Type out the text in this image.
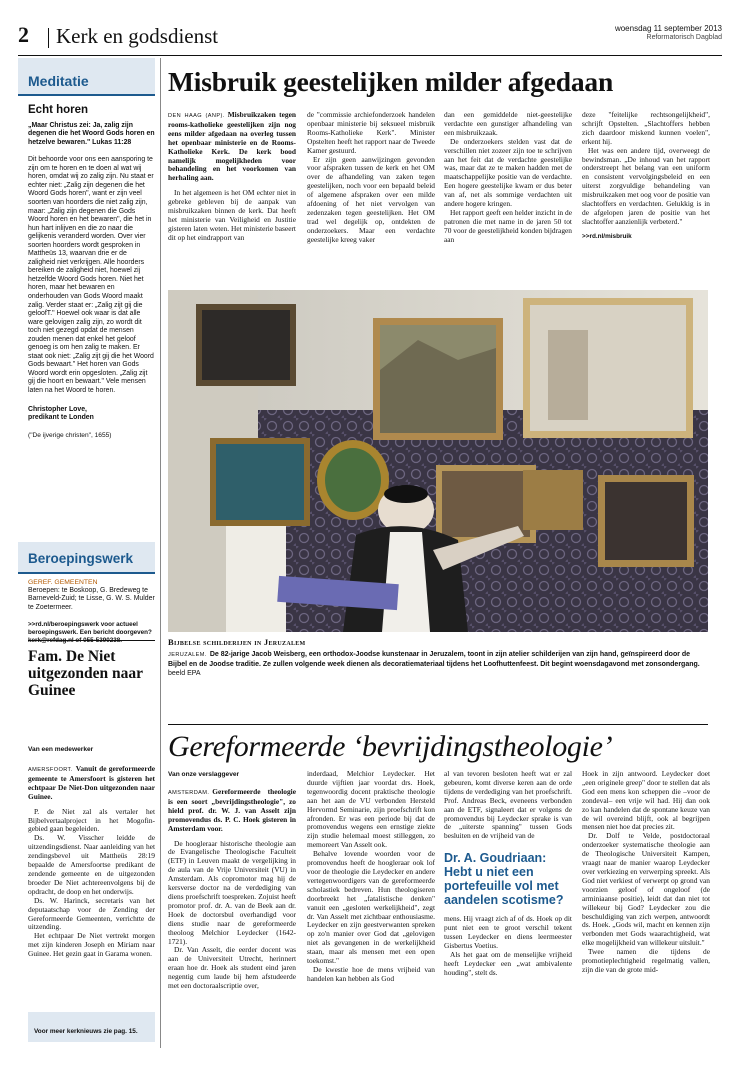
2 Kerk en godsdienst	woensdag 11 september 2013
Reformatorisch Dagblad
Meditatie
Echt horen
„Maar Christus zei: Ja, zalig zijn degenen die het Woord Gods horen en hetzelve bewaren." Lukas 11:28
Dit behoorde voor ons een aansporing te zijn om te horen en te doen al wat wij horen, omdat wij zo zalig zijn. Nu staat er echter niet: „Zalig zijn degenen die het Woord Gods horen", want er zijn veel soorten van hoorders die niet zalig zijn, maar: „Zalig zijn degenen die Gods Woord horen en het bewaren", die het in hun hart inlijven en die zo naar die gelijkenis veranderd worden. Over vier soorten hoorders wordt gesproken in Mattheüs 13, waarvan drie er de zaligheid niet verkrijgen. Alle hoorders bereiken de zaligheid niet, hoewel zij hetzelfde Woord Gods horen. Niet het horen, maar het bewaren en onderhouden van Gods Woord maakt zalig. Verder staat er: „Zalig zijt gij die geloofT." Hoewel ook waar is dat alle ware gelovigen zalig zijn, zo wordt dit toch niet gezegd opdat de mensen zouden menen dat enkel het geloof genoeg is om hen zalig te maken. Er staat ook niet: „Zalig zijt gij die het Woord Gods bewaart." Het horen van Gods Woord wordt erin opgesloten. „Zalig zijt gij die hoort en bewaart." Vele mensen laten na het Woord te horen.
Christopher Love,
predikant te Londen
("De ijverige christen", 1655)
Beroepingswerk
GEREF. GEMEENTEN
Beroepen: te Boskoop, G. Bredeweg te Barneveld-Zuid; te Lisse, G. W. S. Mulder te Zoetermeer.
>>rd.nl/beroepingswerk voor actueel beroepingswerk. Een bericht doorgeven?
Fam. De Niet uitgezonden naar Guinee
Van een medewerker

AMERSFOORT. Vanuit de gereformeerde gemeente te Amersfoort is gisteren het echtpaar De Niet-Don uitgezonden naar Guinee.

P. de Niet zal als vertaler het Bijbelvertaalproject in het Mogofin-gebied gaan begeleiden.

Ds. W. Visscher leidde de uitzendingsdienst. Naar aanleiding van het zendingsbevel uit Mattheüs 28:19 bepaalde de Amersfoortse predikant de zendende gemeente en de uitgezonden broeder De Niet achtereenvolgens bij de opdracht, de doop en het onderwijs.

Ds. W. Harinck, secretaris van het deputaatschap voor de Zending der Gereformeerde Gemeenten, verrichtte de uitzending.

Het echtpaar De Niet vertrekt morgen met zijn kinderen Joseph en Miriam naar Guinee. Het gezin gaat in Garama wonen.

Voor meer kerknieuws zie pag. 15.
Misbruik geestelijken milder afgedaan

DEN HAAG (ANP). Misbruikzaken tegen rooms-katholieke geestelijken zijn nog eens milder afgedaan na overleg tussen het openbaar ministerie en de Rooms-Katholieke Kerk. De kerk bood namelijk mogelijkheden voor behandeling en het voorkomen van herhaling aan.

In het algemeen is het OM echter niet in gebreke gebleven bij de aanpak van misbruikzaken binnen de kerk. Dat heeft het ministerie van Veiligheid en Justitie gisteren laten weten. Het ministerie baseert dit op het eindrapport van

de "commissie archiefonderzoek handelen openbaar ministerie bij seksueel misbruik Rooms-Katholieke Kerk". Minister Opstelten heeft het rapport naar de Tweede Kamer gestuurd.

Er zijn geen aanwijzingen gevonden voor afspraken tussen de kerk en het OM over de afhandeling van zaken tegen geestelijken, noch voor een bepaald beleid of algemene afspraken over een milde afdoening of het niet vervolgen van zedenzaken tegen geestelijken. Het OM trad wel degelijk op, ontdekten de onderzoekers. Maar een verdachte geestelijke kreeg vaker

dan een gemiddelde niet-geestelijke verdachte een gunstiger afhandeling van een misbruikzaak.

De onderzoekers stelden vast dat de verschillen niet zozeer zijn toe te schrijven aan het feit dat de verdachte geestelijke was, maar dat ze te maken hadden met de maatschappelijke positie van de verdachte. Een hogere geestelijke kwam er dus beter van af, net als sommige verdachten uit andere hogere kringen.

Het rapport geeft een helder inzicht in de patronen die met name in de jaren 50 tot 70 voor de geestelijkheid konden bijdragen aan

deze "feitelijke rechtsongelijkheid", schrijft Opstelten. „Slachtoffers hebben zich daardoor miskend kunnen voelen", erkent hij.

Het was een andere tijd, overweegt de bewindsman. „De inhoud van het rapport onderstreept het belang van een uniform en consistent vervolgingsbeleid en een uiterst zorgvuldige behandeling van misbruikzaken met oog voor de positie van slachtoffers en verdachten. Gelukkig is in de afgelopen jaren de positie van het slachtoffer aanzienlijk verbeterd."

>>rd.nl/misbruik

Bijbelse schilderijen in Jeruzalem
JERUZALEM. De 82-jarige Jacob Weisberg, een orthodox-Joodse kunstenaar in Jeruzalem, toont in zijn atelier schilderijen van zijn hand, geïnspireerd door de Bijbel en de Joodse traditie. Ze zullen volgende week dienen als decoratiemateriaal tijdens het Loofhuttenfeest. Dit begint woensdagavond met zonsondergang. beeld EPA
Gereformeerde ‘bevrijdingstheologie’
Van onze verslaggever

AMSTERDAM. Gereformeerde theologie is een soort „bevrijdingstheologie", zo hield prof. dr. W. J. van Asselt zijn promovendus ds. P. C. Hoek gisteren in Amsterdam voor.

De hoogleraar historische theologie aan de Evangelische Theologische Faculteit (ETF) in Leuven maakt de vergelijking in de aula van de Vrije Universiteit (VU) in Amsterdam. Als copromotor mag hij de kersverse doctor na de verdediging van diens proefschrift toespreken. Zojuist heeft promotor prof. dr. A. van de Beek aan dr. Hoek de doctorsbul overhandigd voor diens studie naar de gereformeerde theoloog Melchior Leydecker (1642-1721).

Dr. Van Asselt, die eerder docent was aan de Universiteit Utrecht, herinnert eraan hoe dr. Hoek als student eind jaren negentig cum laude bij hem afstudeerde met een doctoraalscriptie over,

inderdaad, Melchior Leydecker. Het duurde vijftien jaar voordat drs. Hoek, tegenwoordig docent praktische theologie aan het aan de VU verbonden Hersteld Hervormd Seminarie, zijn proefschrift kon afronden. Er was een periode bij dat de promovendus wegens een ernstige ziekte zijn studie helemaal moest stilleggen, zo memoreert Van Asselt ook.

Behalve lovende woorden voor de promovendus heeft de hoogleraar ook lof voor de theologie die Leydecker en andere vertegenwoordigers van de gereformeerde scholastiek bedreven. Hun theologiseren doorbreekt het „fatalistische denken" vanuit een „gesloten werkelijkheid", zegt dr. Van Asselt met zichtbaar enthousiasme. Leydecker en zijn geestverwanten spreken op zo'n manier over God dat „gelovigen niet als gevangenen in de werkelijkheid staan, maar als mensen met een open toekomst."

De kwestie hoe de mens vrijheid van handelen kan hebben als God

al van tevoren besloten heeft wat er zal gebeuren, komt diverse keren aan de orde tijdens de verdediging van het proefschrift. Prof. Andreas Beck, eveneens verbonden aan de ETF, signaleert dat er volgens de promovendus bij Leydecker sprake is van de „uiterste spanning" tussen Gods besluiten en de vrijheid van de

Dr. A. Goudriaan: Hebt u niet een portefeuille vol met aandelen scotisme?

mens. Hij vraagt zich af of ds. Hoek op dit punt niet een te groot verschil tekent tussen Leydecker en diens leermeester Gisbertus Voetius.

Als het gaat om de menselijke vrijheid heeft Leydecker een „wat ambivalente houding", stelt ds.

Hoek in zijn antwoord. Leydecker doet „een originele greep" door te stellen dat als God een mens kon scheppen die –voor de zondeval– een vrije wil had. Hij dan ook zo kan handelen dat de spontane keuze van de wil overeind blijft, ook al begrijpen mensen niet hoe dat precies zit.

Dr. Dolf te Velde, postdoctoraal onderzoeker systematische theologie aan de Theologische Universiteit Kampen, vraagt naar de manier waarop Leydecker over verkiezing en verwerping spreekt. Als God niet verkiest of verwerpt op grond van voorzien geloof of ongeloof (de arminiaanse positie), leidt dat dan niet tot willekeur bij God? Leydecker zou die beschuldiging van zich werpen, antwoordt ds. Hoek. „Gods wil, macht en kennen zijn verbonden met Gods waarachtigheid, wat elke mogelijkheid van willekeur uitsluit."

Twee namen die tijdens de promotieplechtigheid regelmatig vallen, zijn die van de grote mid-
